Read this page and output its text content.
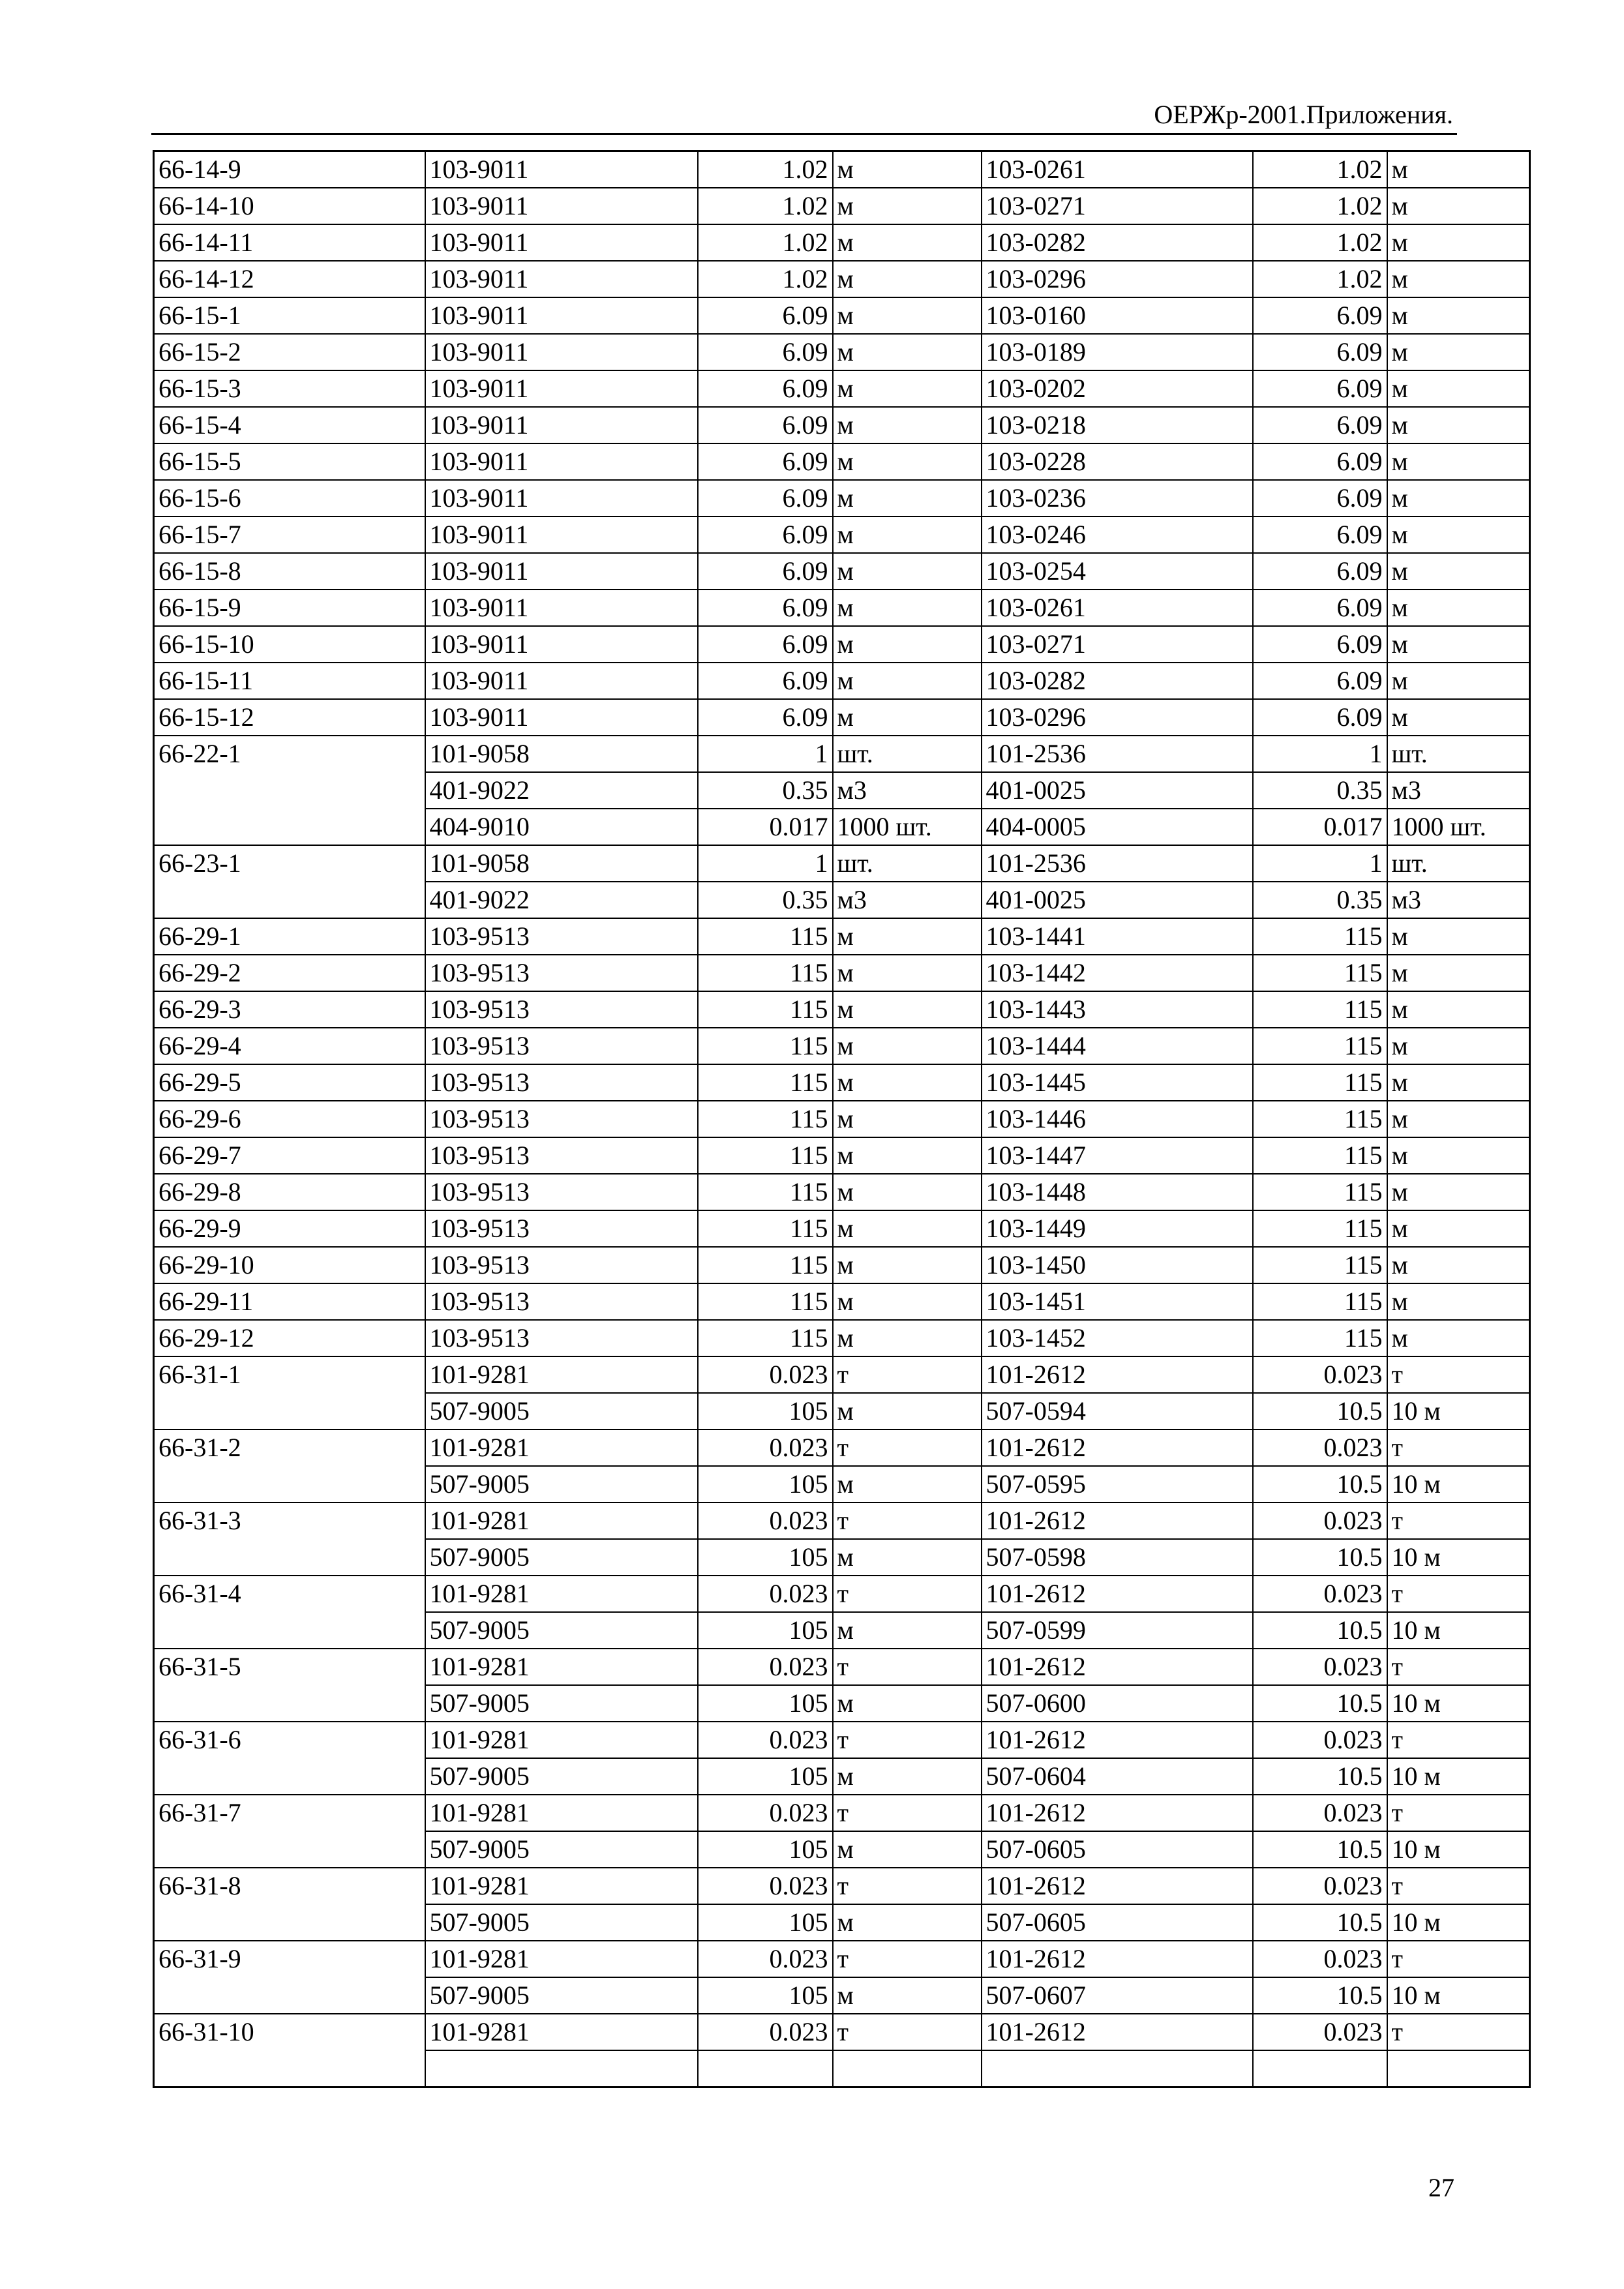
ОЕРЖр-2001.Приложения.
66-14-9	103-9011	1.02	м	103-0261	1.02	м
66-14-10	103-9011	1.02	м	103-0271	1.02	м
66-14-11	103-9011	1.02	м	103-0282	1.02	м
66-14-12	103-9011	1.02	м	103-0296	1.02	м
66-15-1	103-9011	6.09	м	103-0160	6.09	м
66-15-2	103-9011	6.09	м	103-0189	6.09	м
66-15-3	103-9011	6.09	м	103-0202	6.09	м
66-15-4	103-9011	6.09	м	103-0218	6.09	м
66-15-5	103-9011	6.09	м	103-0228	6.09	м
66-15-6	103-9011	6.09	м	103-0236	6.09	м
66-15-7	103-9011	6.09	м	103-0246	6.09	м
66-15-8	103-9011	6.09	м	103-0254	6.09	м
66-15-9	103-9011	6.09	м	103-0261	6.09	м
66-15-10	103-9011	6.09	м	103-0271	6.09	м
66-15-11	103-9011	6.09	м	103-0282	6.09	м
66-15-12	103-9011	6.09	м	103-0296	6.09	м
66-22-1	101-9058	1	шт.	101-2536	1	шт.
	401-9022	0.35	м3	401-0025	0.35	м3
	404-9010	0.017	1000 шт.	404-0005	0.017	1000 шт.
66-23-1	101-9058	1	шт.	101-2536	1	шт.
	401-9022	0.35	м3	401-0025	0.35	м3
66-29-1	103-9513	115	м	103-1441	115	м
66-29-2	103-9513	115	м	103-1442	115	м
66-29-3	103-9513	115	м	103-1443	115	м
66-29-4	103-9513	115	м	103-1444	115	м
66-29-5	103-9513	115	м	103-1445	115	м
66-29-6	103-9513	115	м	103-1446	115	м
66-29-7	103-9513	115	м	103-1447	115	м
66-29-8	103-9513	115	м	103-1448	115	м
66-29-9	103-9513	115	м	103-1449	115	м
66-29-10	103-9513	115	м	103-1450	115	м
66-29-11	103-9513	115	м	103-1451	115	м
66-29-12	103-9513	115	м	103-1452	115	м
66-31-1	101-9281	0.023	т	101-2612	0.023	т
	507-9005	105	м	507-0594	10.5	10 м
66-31-2	101-9281	0.023	т	101-2612	0.023	т
	507-9005	105	м	507-0595	10.5	10 м
66-31-3	101-9281	0.023	т	101-2612	0.023	т
	507-9005	105	м	507-0598	10.5	10 м
66-31-4	101-9281	0.023	т	101-2612	0.023	т
	507-9005	105	м	507-0599	10.5	10 м
66-31-5	101-9281	0.023	т	101-2612	0.023	т
	507-9005	105	м	507-0600	10.5	10 м
66-31-6	101-9281	0.023	т	101-2612	0.023	т
	507-9005	105	м	507-0604	10.5	10 м
66-31-7	101-9281	0.023	т	101-2612	0.023	т
	507-9005	105	м	507-0605	10.5	10 м
66-31-8	101-9281	0.023	т	101-2612	0.023	т
	507-9005	105	м	507-0605	10.5	10 м
66-31-9	101-9281	0.023	т	101-2612	0.023	т
	507-9005	105	м	507-0607	10.5	10 м
66-31-10	101-9281	0.023	т	101-2612	0.023	т

27
